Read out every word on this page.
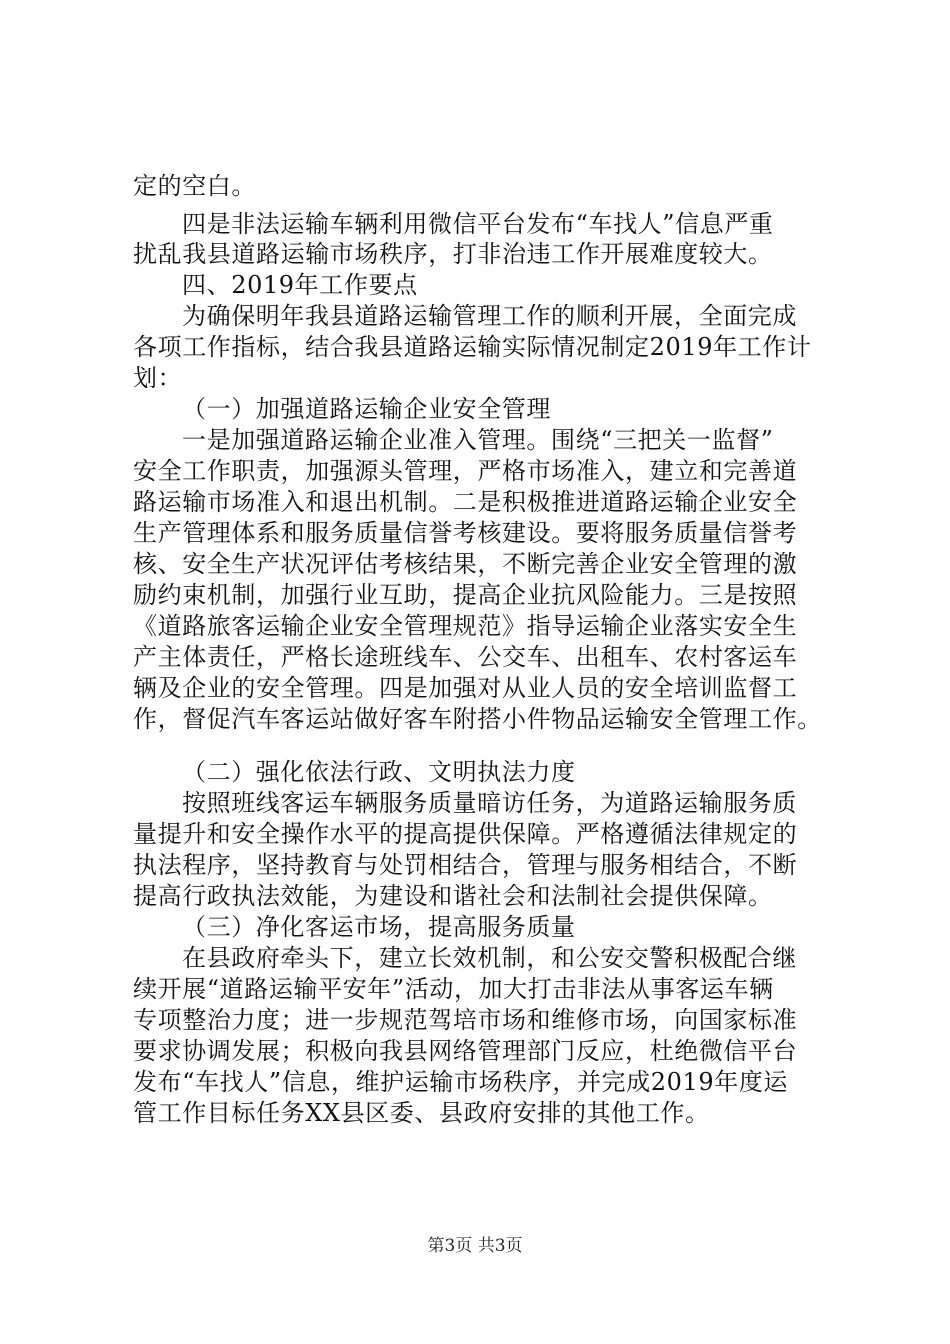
定的空白。
四是非法运输车辆利用微信平台发布“车找人”信息严重
扰乱我县道路运输市场秩序，打非治违工作开展难度较大。
四、2019年工作要点
为确保明年我县道路运输管理工作的顺利开展，全面完成
各项工作指标，结合我县道路运输实际情况制定2019年工作计
划：
（一）加强道路运输企业安全管理
一是加强道路运输企业准入管理。围绕“三把关一监督”
安全工作职责，加强源头管理，严格市场准入，建立和完善道
路运输市场准入和退出机制。二是积极推进道路运输企业安全
生产管理体系和服务质量信誉考核建设。要将服务质量信誉考
核、安全生产状况评估考核结果，不断完善企业安全管理的激
励约束机制，加强行业互助，提高企业抗风险能力。三是按照
《道路旅客运输企业安全管理规范》指导运输企业落实安全生
产主体责任，严格长途班线车、公交车、出租车、农村客运车
辆及企业的安全管理。四是加强对从业人员的安全培训监督工
作，督促汽车客运站做好客车附搭小件物品运输安全管理工作。
（二）强化依法行政、文明执法力度
按照班线客运车辆服务质量暗访任务，为道路运输服务质
量提升和安全操作水平的提高提供保障。严格遵循法律规定的
执法程序，坚持教育与处罚相结合，管理与服务相结合，不断
提高行政执法效能，为建设和谐社会和法制社会提供保障。
（三）净化客运市场，提高服务质量
在县政府牵头下，建立长效机制，和公安交警积极配合继
续开展“道路运输平安年”活动，加大打击非法从事客运车辆
专项整治力度；进一步规范驾培市场和维修市场，向国家标准
要求协调发展；积极向我县网络管理部门反应，杜绝微信平台
发布“车找人”信息，维护运输市场秩序，并完成2019年度运
管工作目标任务XX县区委、县政府安排的其他工作。
第3页 共3页
